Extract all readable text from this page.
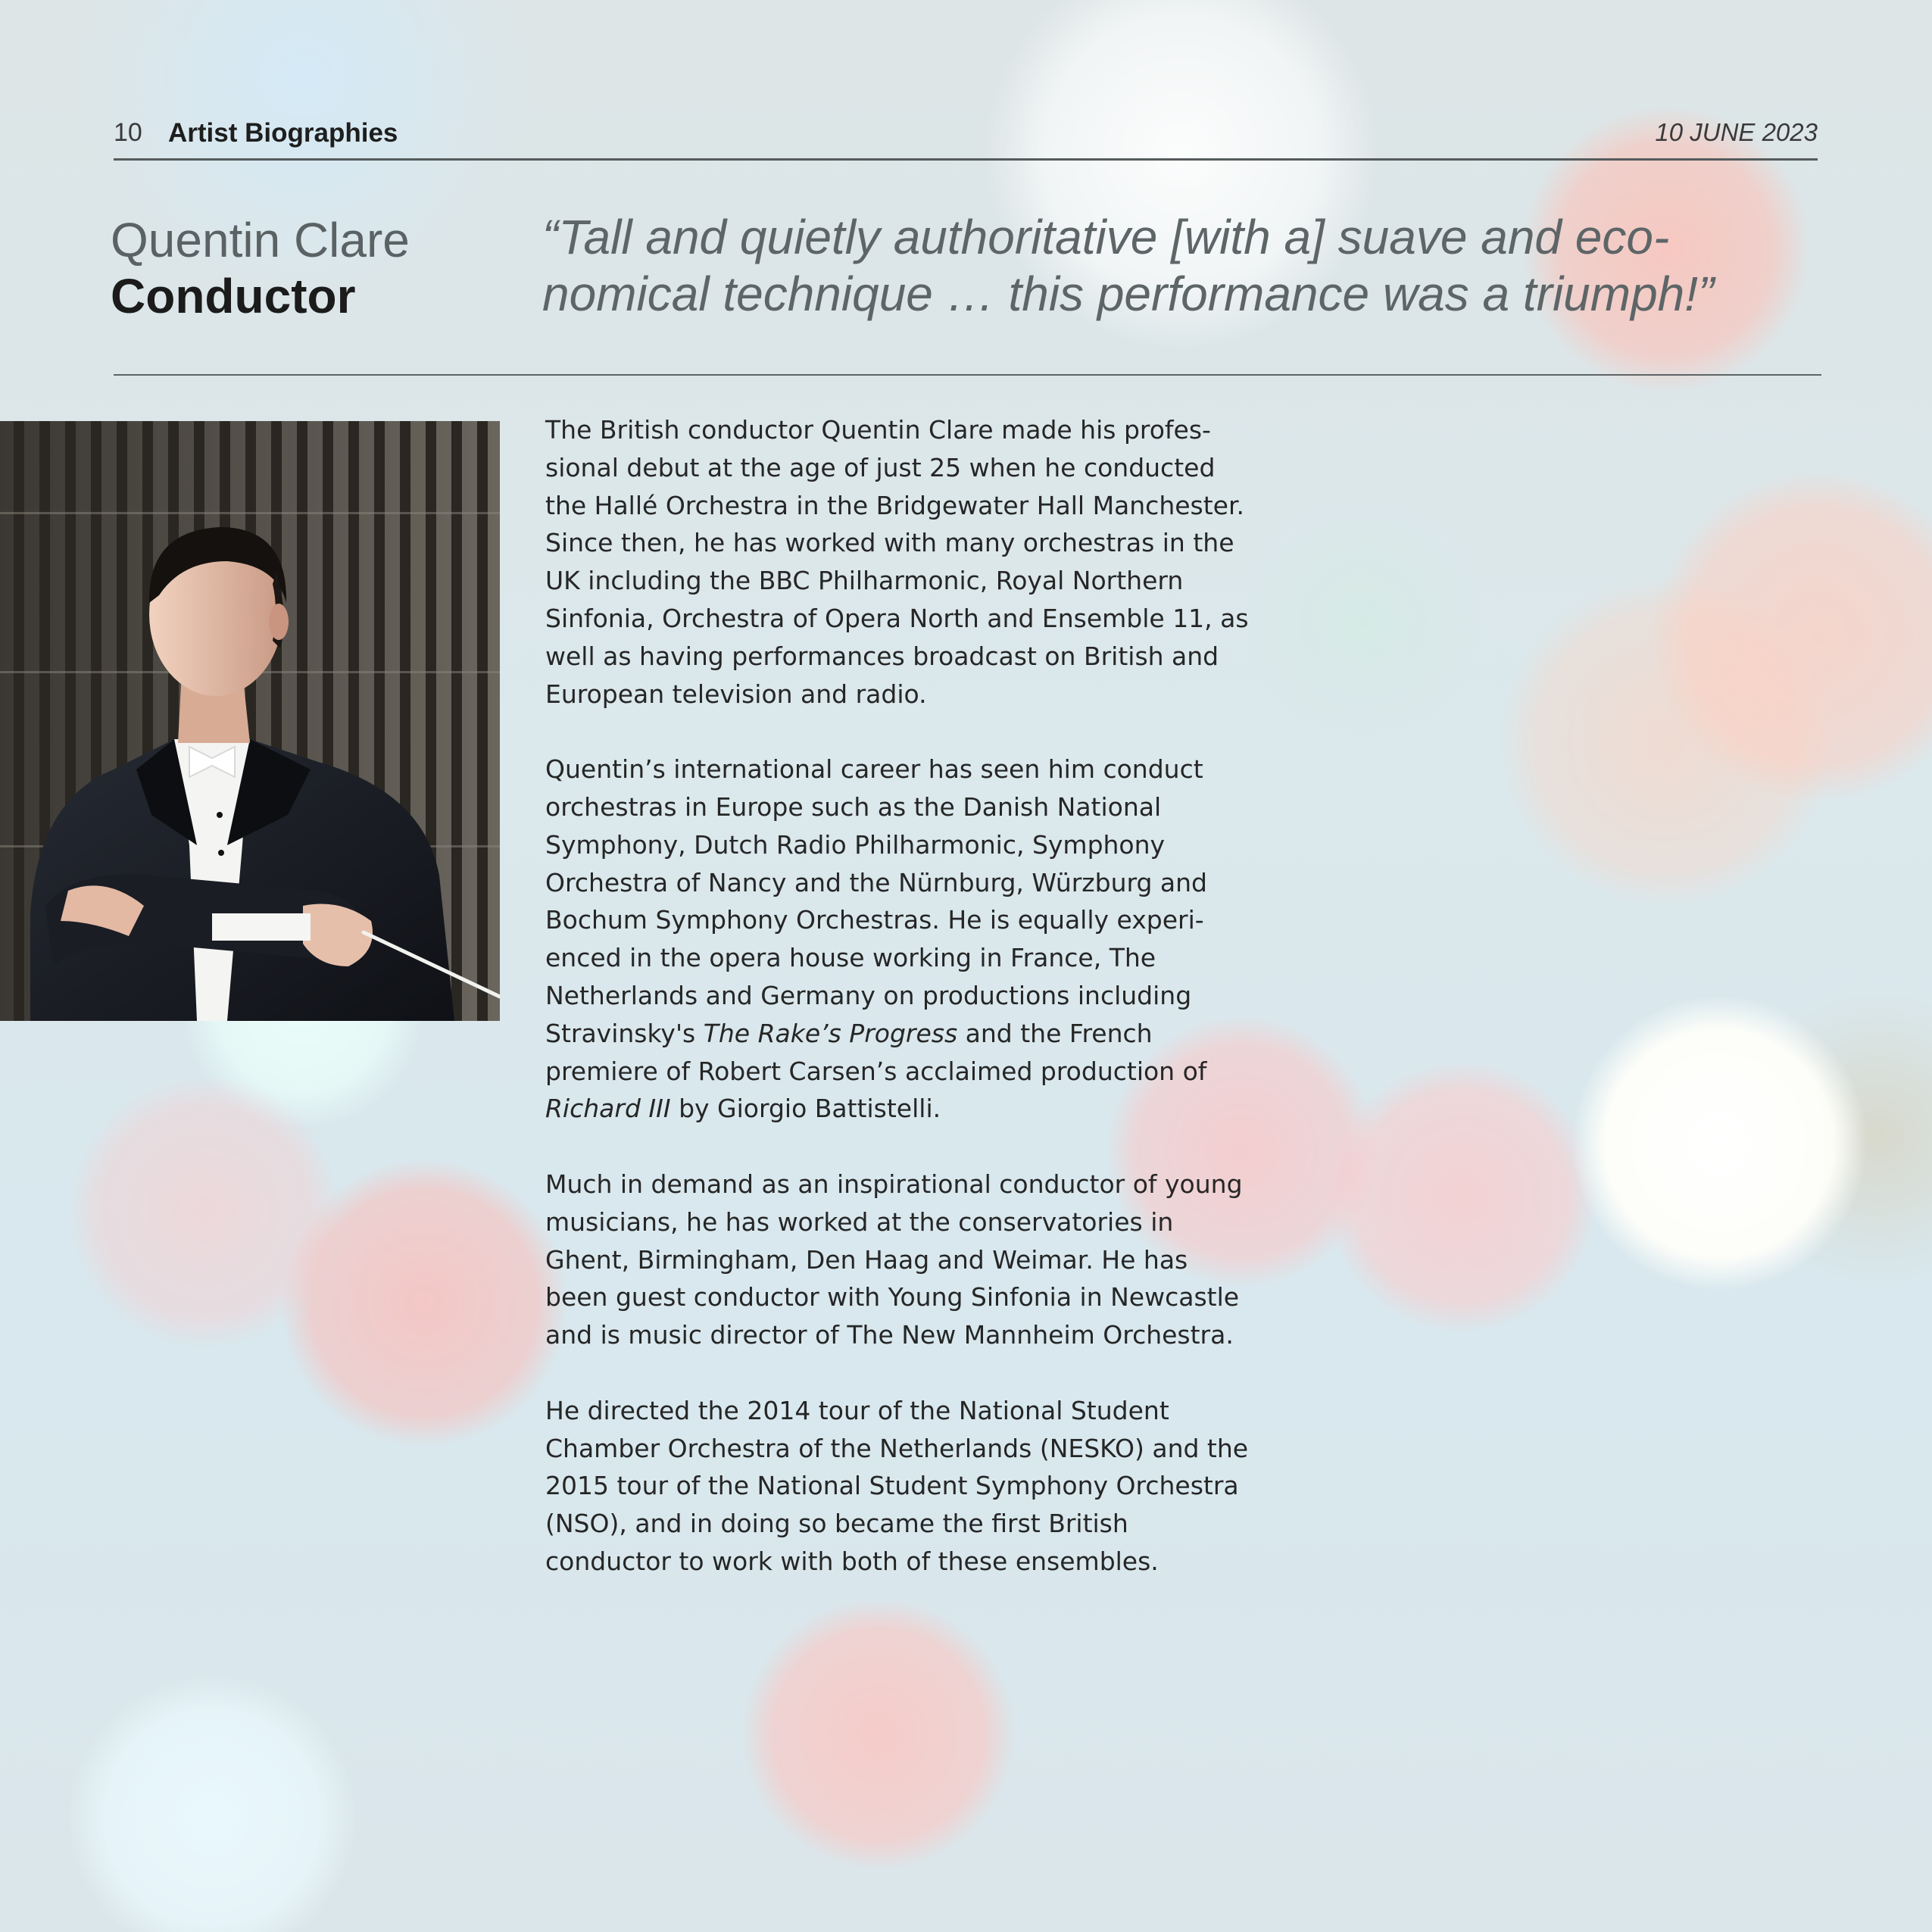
10 Artist Biographies	10 JUNE 2023
Quentin Clare
Conductor
“Tall and quietly authoritative [with a] suave and eco-
nomical technique … this performance was a triumph!”

The British conductor Quentin Clare made his profes-
sional debut at the age of just 25 when he conducted
the Hallé Orchestra in the Bridgewater Hall Manchester.
Since then, he has worked with many orchestras in the
UK including the BBC Philharmonic, Royal Northern
Sinfonia, Orchestra of Opera North and Ensemble 11, as
well as having performances broadcast on British and
European television and radio.

Quentin’s international career has seen him conduct
orchestras in Europe such as the Danish National
Symphony, Dutch Radio Philharmonic, Symphony
Orchestra of Nancy and the Nürnburg, Würzburg and
Bochum Symphony Orchestras. He is equally experi-
enced in the opera house working in France, The
Netherlands and Germany on productions including
Stravinsky's The Rake’s Progress and the French
premiere of Robert Carsen’s acclaimed production of
Richard III by Giorgio Battistelli.

Much in demand as an inspirational conductor of young
musicians, he has worked at the conservatories in
Ghent, Birmingham, Den Haag and Weimar. He has
been guest conductor with Young Sinfonia in Newcastle
and is music director of The New Mannheim Orchestra.

He directed the 2014 tour of the National Student
Chamber Orchestra of the Netherlands (NESKO) and the
2015 tour of the National Student Symphony Orchestra
(NSO), and in doing so became the first British
conductor to work with both of these ensembles.
